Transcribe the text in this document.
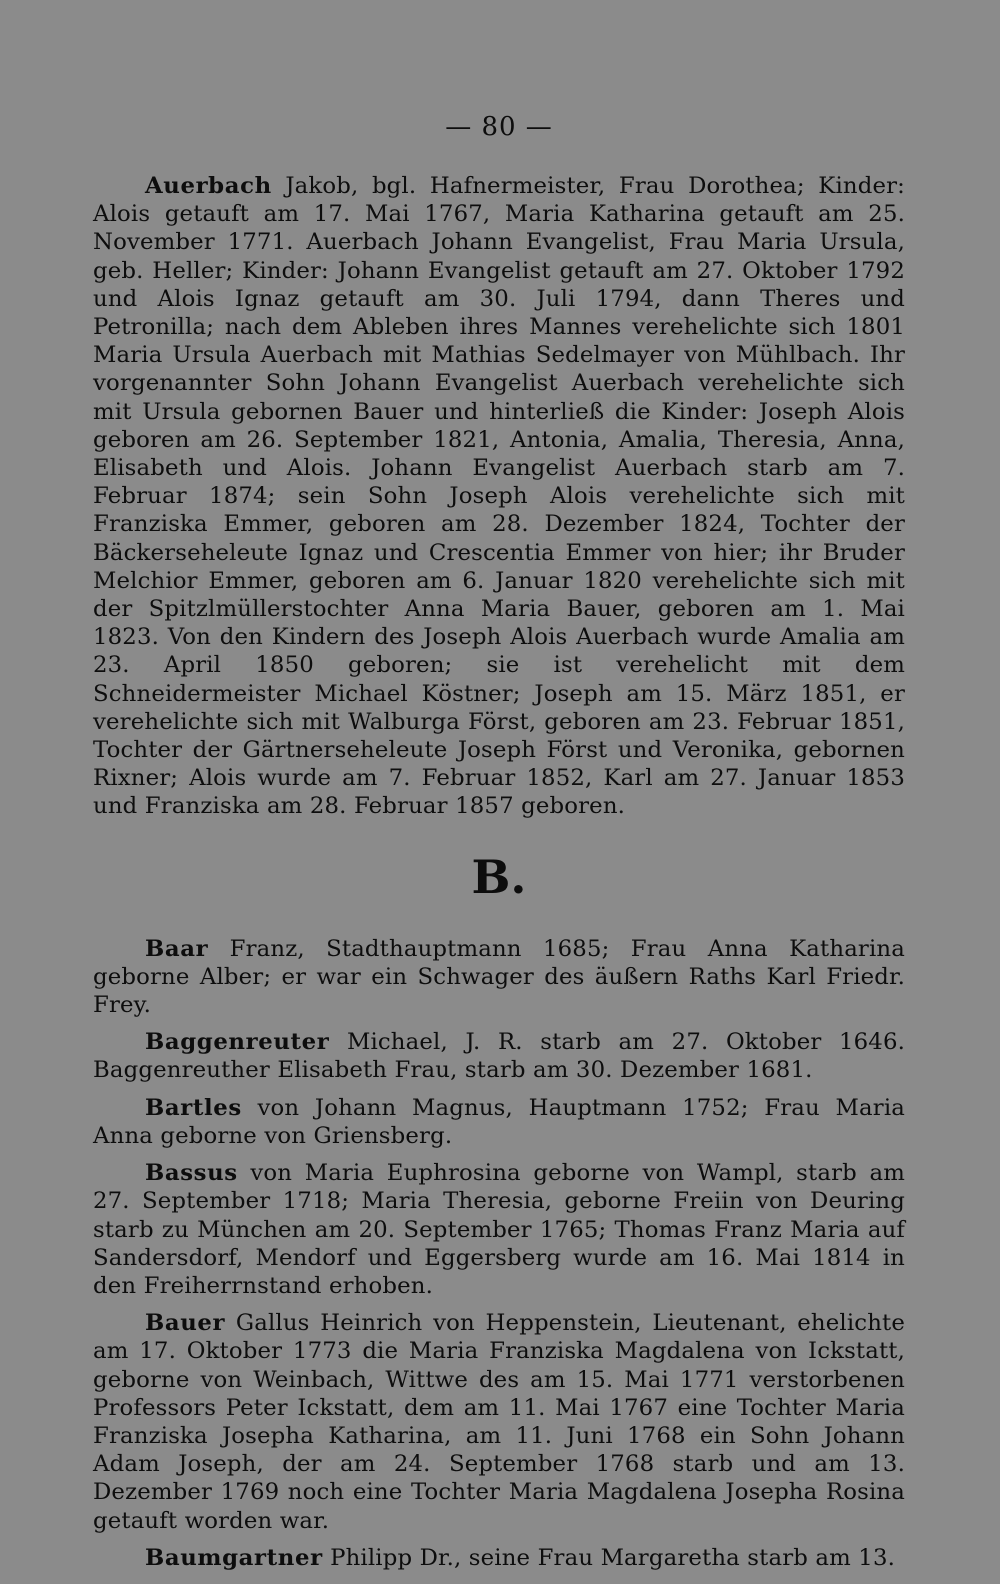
— 80 —

Auerbach Jakob, bgl. Hafnermeister, Frau Dorothea; Kinder: Alois getauft am 17. Mai 1767, Maria Katharina getauft am 25. November 1771. Auerbach Johann Evangelist, Frau Maria Ursula, geb. Heller; Kinder: Johann Evangelist getauft am 27. Oktober 1792 und Alois Ignaz getauft am 30. Juli 1794, dann Theres und Petronilla; nach dem Ableben ihres Mannes verehelichte sich 1801 Maria Ursula Auerbach mit Mathias Sedelmayer von Mühlbach. Ihr vorgenannter Sohn Johann Evangelist Auerbach verehelichte sich mit Ursula gebornen Bauer und hinterließ die Kinder: Joseph Alois geboren am 26. September 1821, Antonia, Amalia, Theresia, Anna, Elisabeth und Alois. Johann Evangelist Auerbach starb am 7. Februar 1874; sein Sohn Joseph Alois verehelichte sich mit Franziska Emmer, geboren am 28. Dezember 1824, Tochter der Bäckerseheleute Ignaz und Crescentia Emmer von hier; ihr Bruder Melchior Emmer, geboren am 6. Januar 1820 verehelichte sich mit der Spitzlmüllerstochter Anna Maria Bauer, geboren am 1. Mai 1823. Von den Kindern des Joseph Alois Auerbach wurde Amalia am 23. April 1850 geboren; sie ist verehelicht mit dem Schneidermeister Michael Köstner; Joseph am 15. März 1851, er verehelichte sich mit Walburga Först, geboren am 23. Februar 1851, Tochter der Gärtnerseheleute Joseph Först und Veronika, gebornen Rixner; Alois wurde am 7. Februar 1852, Karl am 27. Januar 1853 und Franziska am 28. Februar 1857 geboren.

B.

Baar Franz, Stadthauptmann 1685; Frau Anna Katharina geborne Alber; er war ein Schwager des äußern Raths Karl Friedr. Frey.

Baggenreuter Michael, J. R. starb am 27. Oktober 1646. Baggenreuther Elisabeth Frau, starb am 30. Dezember 1681.

Bartles von Johann Magnus, Hauptmann 1752; Frau Maria Anna geborne von Griensberg.

Bassus von Maria Euphrosina geborne von Wampl, starb am 27. September 1718; Maria Theresia, geborne Freiin von Deuring starb zu München am 20. September 1765; Thomas Franz Maria auf Sandersdorf, Mendorf und Eggersberg wurde am 16. Mai 1814 in den Freiherrnstand erhoben.

Bauer Gallus Heinrich von Heppenstein, Lieutenant, ehelichte am 17. Oktober 1773 die Maria Franziska Magdalena von Ickstatt, geborne von Weinbach, Wittwe des am 15. Mai 1771 verstorbenen Professors Peter Ickstatt, dem am 11. Mai 1767 eine Tochter Maria Franziska Josepha Katharina, am 11. Juni 1768 ein Sohn Johann Adam Joseph, der am 24. September 1768 starb und am 13. Dezember 1769 noch eine Tochter Maria Magdalena Josepha Rosina getauft worden war.

Baumgartner Philipp Dr., seine Frau Margaretha starb am 13.
